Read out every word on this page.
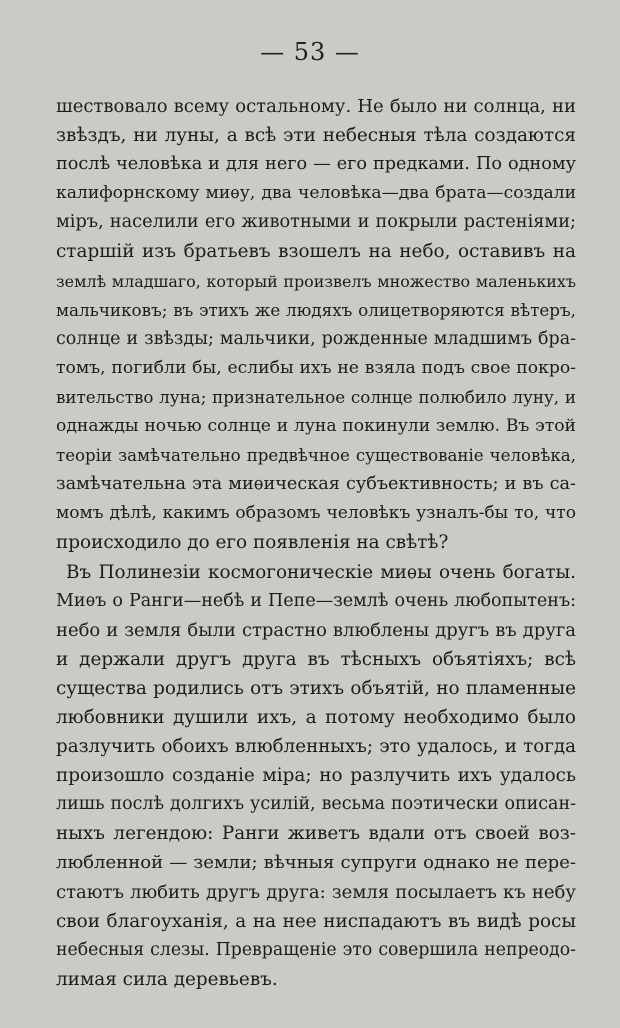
— 53 —
шествовало всему остальному. Не было ни солнца, ни
звѣздъ, ни луны, а всѣ эти небесныя тѣла создаются
послѣ человѣка и для него — его предками. По одному
калифорнскому миѳу, два человѣка—два брата—создали
міръ, населили его животными и покрыли растеніями;
старшій изъ братьевъ взошелъ на небо, оставивъ на
землѣ младшаго, который произвелъ множество маленькихъ
мальчиковъ; въ этихъ же людяхъ олицетворяются вѣтеръ,
солнце и звѣзды; мальчики, рожденные младшимъ бра-
томъ, погибли бы, еслибы ихъ не взяла подъ свое покро-
вительство луна; признательное солнце полюбило луну, и
однажды ночью солнце и луна покинули землю. Въ этой
теоріи замѣчательно предвѣчное существованіе человѣка,
замѣчательна эта миѳическая субъективность; и въ са-
момъ дѣлѣ, какимъ образомъ человѣкъ узналъ-бы то, что
происходило до его появленія на свѣтѣ?
Въ Полинезіи космогоническіе миѳы очень богаты.
Миѳъ о Ранги—небѣ и Пепе—землѣ очень любопытенъ:
небо и земля были страстно влюблены другъ въ друга
и держали другъ друга въ тѣсныхъ объятіяхъ; всѣ
существа родились отъ этихъ объятій, но пламенные
любовники душили ихъ, а потому необходимо было
разлучить обоихъ влюбленныхъ; это удалось, и тогда
произошло созданіе міра; но разлучить ихъ удалось
лишь послѣ долгихъ усилій, весьма поэтически описан-
ныхъ легендою: Ранги живетъ вдали отъ своей воз-
любленной — земли; вѣчныя супруги однако не пере-
стаютъ любить другъ друга: земля посылаетъ къ небу
свои благоуханія, а на нее ниспадаютъ въ видѣ росы
небесныя слезы. Превращеніе это совершила непреодо-
лимая сила деревьевъ.
